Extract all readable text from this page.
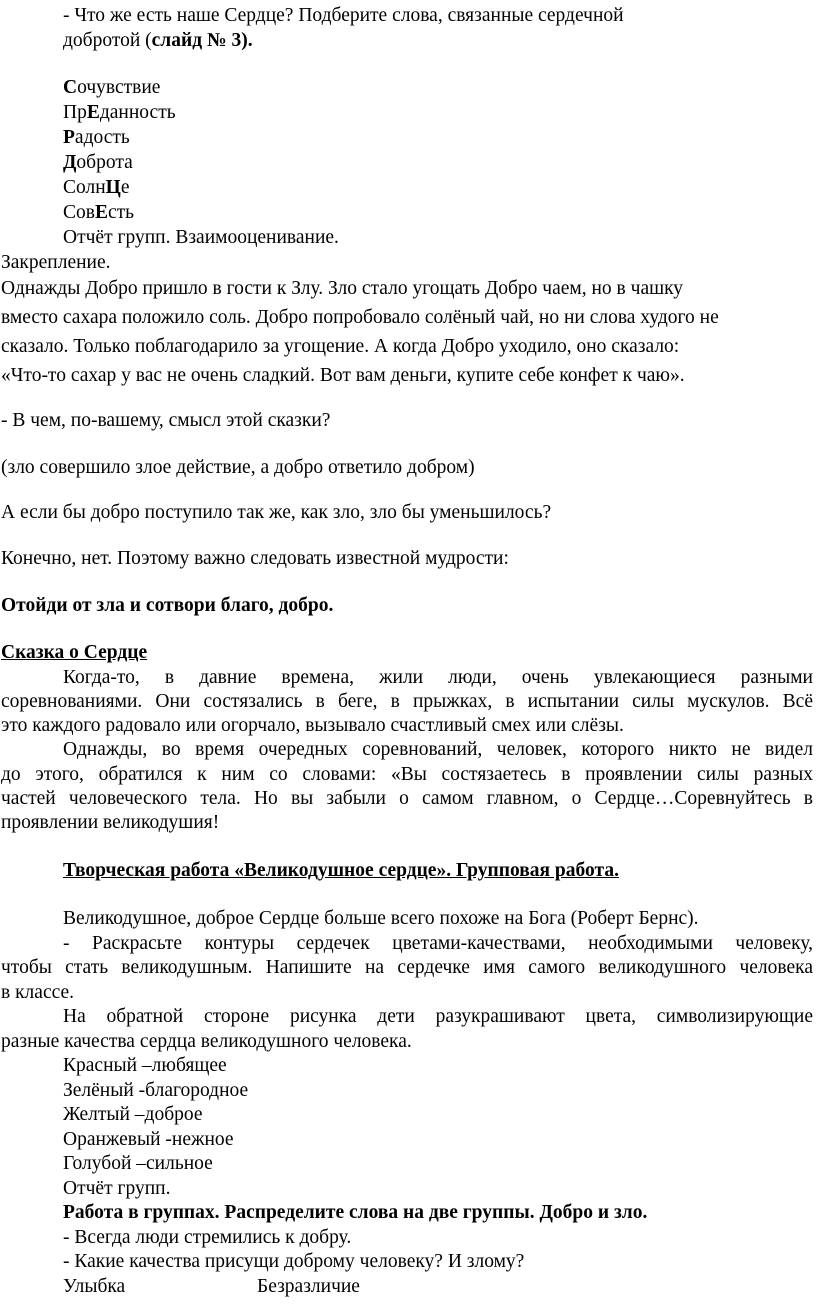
- Что же есть наше Сердце? Подберите слова, связанные сердечной

добротой (слайд № 3).

Сочувствие

ПрЕданность

Радость

Доброта

СолнЦе

СовЕсть

Отчёт групп. Взаимооценивание.

Закрепление.

Однажды Добро пришло в гости к Злу. Зло стало угощать Добро чаем, но в чашку

вместо сахара положило соль. Добро попробовало солёный чай, но ни слова худого не

сказало. Только поблагодарило за угощение. А когда Добро уходило, оно сказало:

«Что-то сахар у вас не очень сладкий. Вот вам деньги, купите себе конфет к чаю».

- В чем, по-вашему, смысл этой сказки?

(зло совершило злое действие, а добро ответило добром)

А если бы добро поступило так же, как зло, зло бы уменьшилось?

Конечно, нет. Поэтому важно следовать известной мудрости:

Отойди от зла и сотвори благо, добро.

Сказка о Сердце

Когда-то, в давние времена, жили люди, очень увлекающиеся разными

соревнованиями. Они состязались в беге, в прыжках, в испытании силы мускулов. Всё

это каждого радовало или огорчало, вызывало счастливый смех или слёзы.

Однажды, во время очередных соревнований, человек, которого никто не видел

до этого, обратился к ним со словами: «Вы состязаетесь в проявлении силы разных

частей человеческого тела. Но вы забыли о самом главном, о Сердце…Соревнуйтесь в

проявлении великодушия!

Творческая работа «Великодушное сердце». Групповая работа.

Великодушное, доброе Сердце больше всего похоже на Бога (Роберт Бернс).

- Раскрасьте контуры сердечек цветами-качествами, необходимыми человеку,

чтобы стать великодушным. Напишите на сердечке имя самого великодушного человека

в классе.

На обратной стороне рисунка дети разукрашивают цвета, символизирующие

разные качества сердца великодушного человека.

Красный –любящее

Зелёный -благородное

Желтый –доброе

Оранжевый -нежное

Голубой –сильное

Отчёт групп.

Работа в группах. Распределите слова на две группы. Добро и зло.

- Всегда люди стремились к добру.

- Какие качества присущи доброму человеку? И злому?

Улыбка	Безразличие
